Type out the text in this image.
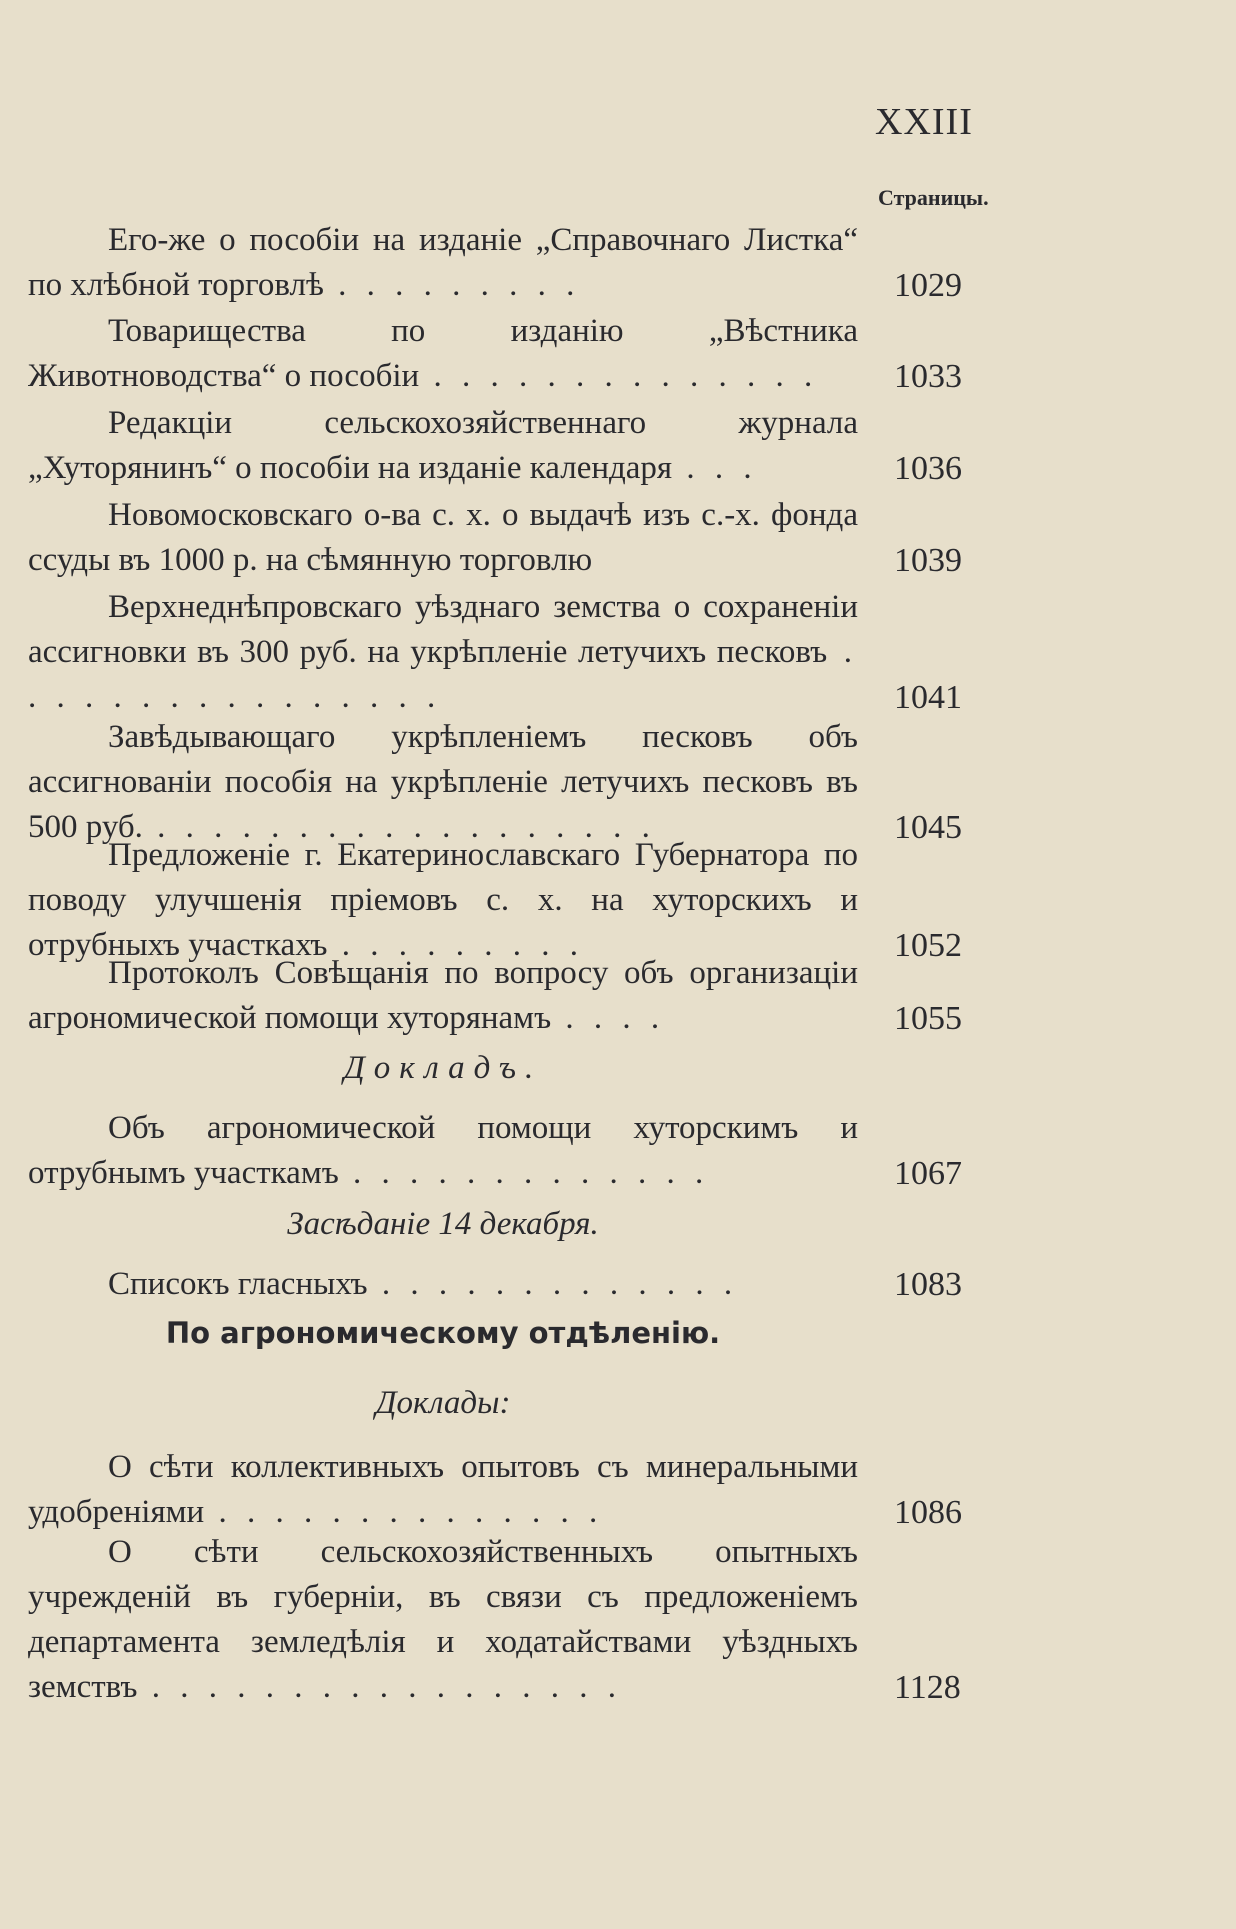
XXIII
Страницы.
Его-же о пособіи на изданіе „Справочнаго Листка“ по хлѣбной торговлѣ . . . . . . . . .	1029
Товарищества по изданію „Вѣстника Животноводства“ о пособіи . . . . . . . . . . . . . . 1033
Редакціи сельскохозяйственнаго журнала „Хуторянинъ“ о пособіи на изданіе календаря . . .	1036
Новомосковскаго о-ва с. х. о выдачѣ изъ с.-х. фонда ссуды въ 1000 р. на сѣмянную торговлю	1039
Верхнеднѣпровскаго уѣзднаго земства о сохраненіи ассигновки въ 300 руб. на укрѣпленіе летучихъ песковъ . . . . . . . . . . . . . . . .	1041
Завѣдывающаго укрѣпленіемъ песковъ объ ассигнованіи пособія на укрѣпленіе летучихъ песковъ въ 500 руб. . . . . . . . . . . . . . . . . . .	1045
Предложеніе г. Екатеринославскаго Губернатора по поводу улучшенія пріемовъ с. х. на хуторскихъ и отрубныхъ участкахъ . . . . . . . . .	1052
Протоколъ Совѣщанія по вопросу объ организаціи агрономической помощи хуторянамъ . . . .	1055
Докладъ.
Объ агрономической помощи хуторскимъ и отрубнымъ участкамъ . . . . . . . . . . . . .	1067
Засѣданіе 14 декабря.
Списокъ гласныхъ . . . . . . . . . . . . .	1083
По агрономическому отдѣленію.
Доклады:
О сѣти коллективныхъ опытовъ съ минеральными удобреніями . . . . . . . . . . . . . .	1086
О сѣти сельскохозяйственныхъ опытныхъ учрежденій въ губерніи, въ связи съ предложеніемъ департамента земледѣлія и ходатайствами уѣздныхъ земствъ . . . . . . . . . . . . . . . . .	1128
